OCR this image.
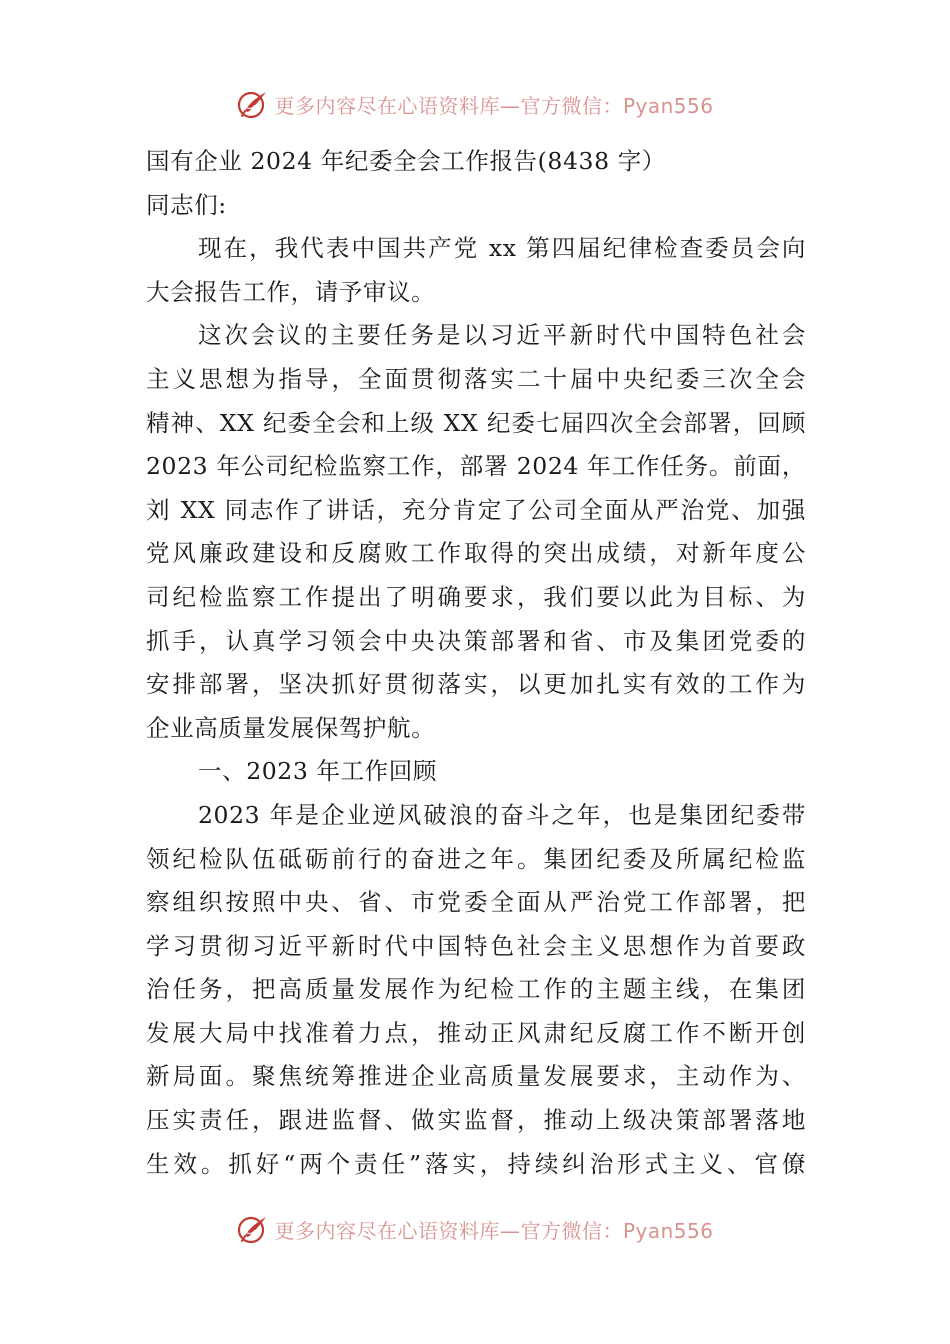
更多内容尽在心语资料库—官方微信：Pyan556
国有企业 2024 年纪委全会工作报告(8438 字）
同志们:
现在，我代表中国共产党 xx 第四届纪律检查委员会向
大会报告工作，请予审议。
这次会议的主要任务是以习近平新时代中国特色社会
主义思想为指导，全面贯彻落实二十届中央纪委三次全会
精神、XX 纪委全会和上级 XX 纪委七届四次全会部署，回顾
2023 年公司纪检监察工作，部署 2024 年工作任务。前面，
刘 XX 同志作了讲话，充分肯定了公司全面从严治党、加强
党风廉政建设和反腐败工作取得的突出成绩，对新年度公
司纪检监察工作提出了明确要求，我们要以此为目标、为
抓手，认真学习领会中央决策部署和省、市及集团党委的
安排部署，坚决抓好贯彻落实，以更加扎实有效的工作为
企业高质量发展保驾护航。
一、2023 年工作回顾
2023 年是企业逆风破浪的奋斗之年，也是集团纪委带
领纪检队伍砥砺前行的奋进之年。集团纪委及所属纪检监
察组织按照中央、省、市党委全面从严治党工作部署，把
学习贯彻习近平新时代中国特色社会主义思想作为首要政
治任务，把高质量发展作为纪检工作的主题主线，在集团
发展大局中找准着力点，推动正风肃纪反腐工作不断开创
新局面。聚焦统筹推进企业高质量发展要求，主动作为、
压实责任，跟进监督、做实监督，推动上级决策部署落地
生效。抓好“两个责任”落实，持续纠治形式主义、官僚
更多内容尽在心语资料库—官方微信：Pyan556
